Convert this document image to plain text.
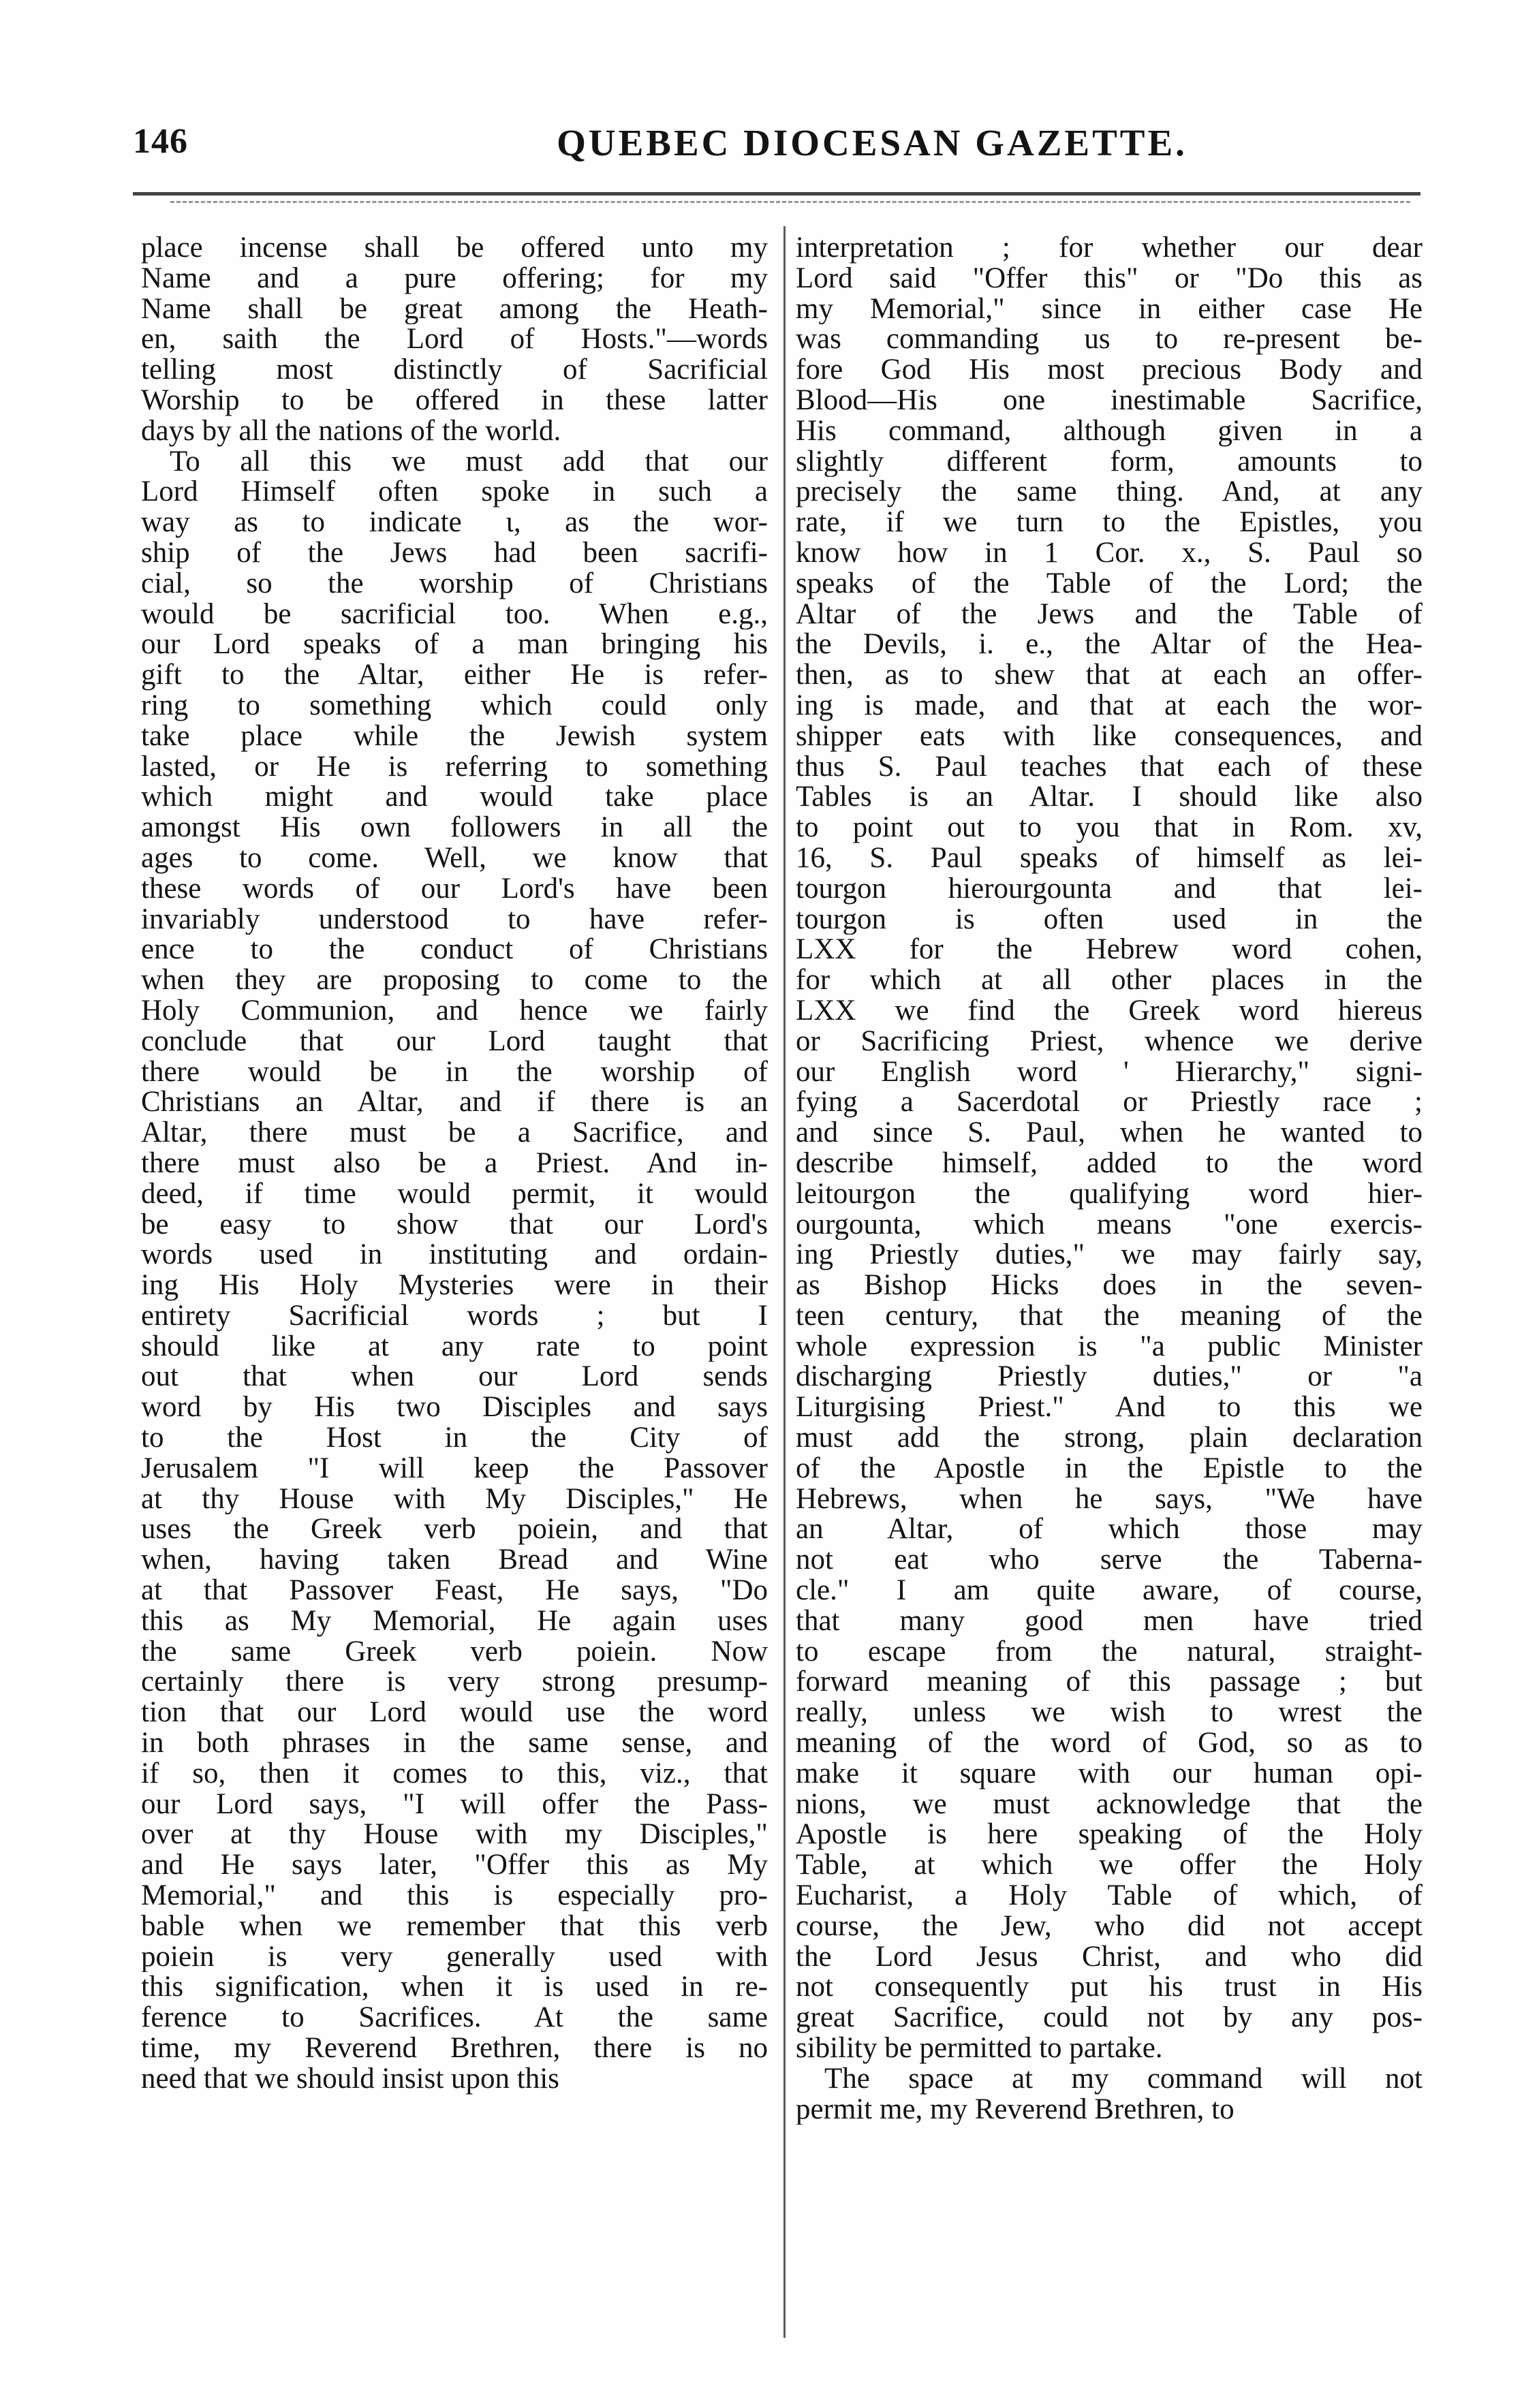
146	QUEBEC DIOCESAN GAZETTE.
place incense shall be offered unto my
Name and a pure offering; for my
Name shall be great among the Heath-
en, saith the Lord of Hosts."—words
telling most distinctly of Sacrificial
Worship to be offered in these latter
days by all the nations of the world.
To all this we must add that our
Lord Himself often spoke in such a
way as to indicate ι, as the wor-
ship of the Jews had been sacrifi-
cial, so the worship of Christians
would be sacrificial too. When e.g.,
our Lord speaks of a man bringing his
gift to the Altar, either He is refer-
ring to something which could only
take place while the Jewish system
lasted, or He is referring to something
which might and would take place
amongst His own followers in all the
ages to come. Well, we know that
these words of our Lord's have been
invariably understood to have refer-
ence to the conduct of Christians
when they are proposing to come to the
Holy Communion, and hence we fairly
conclude that our Lord taught that
there would be in the worship of
Christians an Altar, and if there is an
Altar, there must be a Sacrifice, and
there must also be a Priest. And in-
deed, if time would permit, it would
be easy to show that our Lord's
words used in instituting and ordain-
ing His Holy Mysteries were in their
entirety Sacrificial words ; but I
should like at any rate to point
out that when our Lord sends
word by His two Disciples and says
to the Host in the City of
Jerusalem "I will keep the Passover
at thy House with My Disciples," He
uses the Greek verb poiein, and that
when, having taken Bread and Wine
at that Passover Feast, He says, "Do
this as My Memorial, He again uses
the same Greek verb poiein. Now
certainly there is very strong presump-
tion that our Lord would use the word
in both phrases in the same sense, and
if so, then it comes to this, viz., that
our Lord says, "I will offer the Pass-
over at thy House with my Disciples,"
and He says later, "Offer this as My
Memorial," and this is especially pro-
bable when we remember that this verb
poiein is very generally used with
this signification, when it is used in re-
ference to Sacrifices. At the same
time, my Reverend Brethren, there is no
need that we should insist upon this
interpretation ; for whether our dear
Lord said "Offer this" or "Do this as
my Memorial," since in either case He
was commanding us to re-present be-
fore God His most precious Body and
Blood—His one inestimable Sacrifice,
His command, although given in a
slightly different form, amounts to
precisely the same thing. And, at any
rate, if we turn to the Epistles, you
know how in 1 Cor. x., S. Paul so
speaks of the Table of the Lord; the
Altar of the Jews and the Table of
the Devils, i. e., the Altar of the Hea-
then, as to shew that at each an offer-
ing is made, and that at each the wor-
shipper eats with like consequences, and
thus S. Paul teaches that each of these
Tables is an Altar. I should like also
to point out to you that in Rom. xv,
16, S. Paul speaks of himself as lei-
tourgon hierourgounta and that lei-
tourgon is often used in the
LXX for the Hebrew word cohen,
for which at all other places in the
LXX we find the Greek word hiereus
or Sacrificing Priest, whence we derive
our English word ' Hierarchy," signi-
fying a Sacerdotal or Priestly race ;
and since S. Paul, when he wanted to
describe himself, added to the word
leitourgon the qualifying word hier-
ourgounta, which means "one exercis-
ing Priestly duties," we may fairly say,
as Bishop Hicks does in the seven-
teen century, that the meaning of the
whole expression is "a public Minister
discharging Priestly duties," or "a
Liturgising Priest." And to this we
must add the strong, plain declaration
of the Apostle in the Epistle to the
Hebrews, when he says, "We have
an Altar, of which those may
not eat who serve the Taberna-
cle." I am quite aware, of course,
that many good men have tried
to escape from the natural, straight-
forward meaning of this passage ; but
really, unless we wish to wrest the
meaning of the word of God, so as to
make it square with our human opi-
nions, we must acknowledge that the
Apostle is here speaking of the Holy
Table, at which we offer the Holy
Eucharist, a Holy Table of which, of
course, the Jew, who did not accept
the Lord Jesus Christ, and who did
not consequently put his trust in His
great Sacrifice, could not by any pos-
sibility be permitted to partake.
The space at my command will not
permit me, my Reverend Brethren, to
